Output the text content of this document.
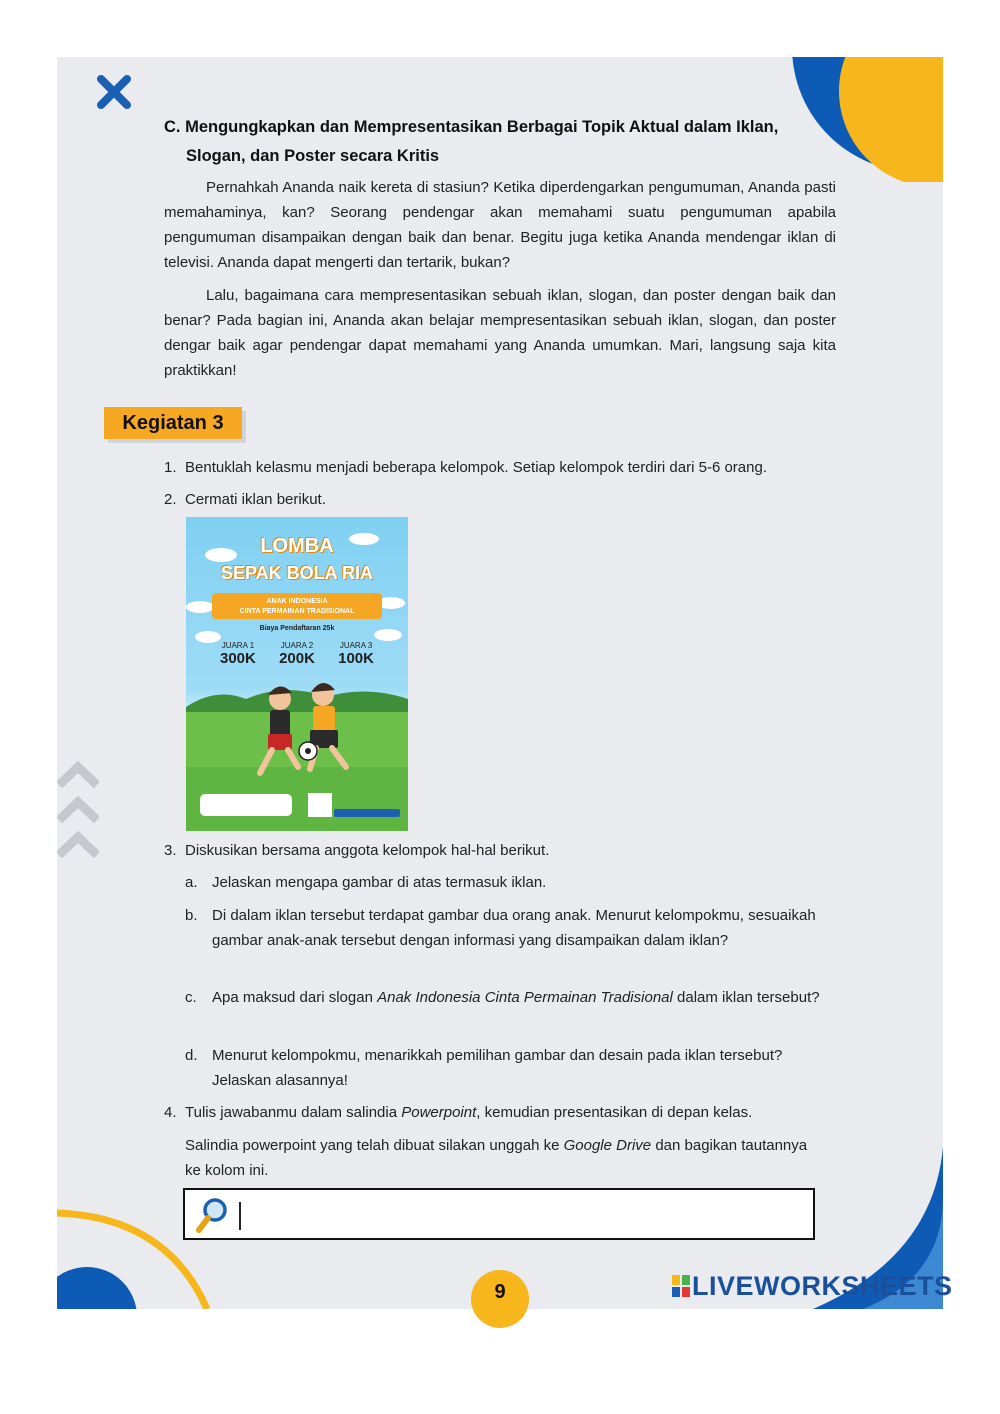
C. Mengungkapkan dan Mempresentasikan Berbagai Topik Aktual dalam Iklan,
Slogan, dan Poster secara Kritis

Pernahkah Ananda naik kereta di stasiun? Ketika diperdengarkan pengumuman, Ananda pasti memahaminya, kan? Seorang pendengar akan memahami suatu pengumuman apabila pengumuman disampaikan dengan baik dan benar. Begitu juga ketika Ananda mendengar iklan di televisi. Ananda dapat mengerti dan tertarik, bukan?

Lalu, bagaimana cara mempresentasikan sebuah iklan, slogan, dan poster dengan baik dan benar? Pada bagian ini, Ananda akan belajar mempresentasikan sebuah iklan, slogan, dan poster dengar baik agar pendengar dapat memahami yang Ananda umumkan. Mari, langsung saja kita praktikkan!

Kegiatan 3
1. Bentuklah kelasmu menjadi beberapa kelompok. Setiap kelompok terdiri dari 5-6 orang.
2. Cermati iklan berikut.
LOMBA
SEPAK BOLA RIA
ANAK INDONESIA
CINTA PERMAINAN TRADISIONAL
Biaya Pendaftaran 25k
JUARA 1
300K
JUARA 2
200K
JUARA 3
100K
3. Diskusikan bersama anggota kelompok hal-hal berikut.
a. Jelaskan mengapa gambar di atas termasuk iklan.
b. Di dalam iklan tersebut terdapat gambar dua orang anak. Menurut kelompokmu, sesuaikah gambar anak-anak tersebut dengan informasi yang disampaikan dalam iklan?
c.	Apa maksud dari slogan Anak Indonesia Cinta Permainan Tradisional dalam iklan tersebut?
d. Menurut kelompokmu, menarikkah pemilihan gambar dan desain pada iklan tersebut? Jelaskan alasannya!
4. Tulis jawabanmu dalam salindia Powerpoint, kemudian presentasikan di depan kelas.
Salindia powerpoint yang telah dibuat silakan unggah ke Google Drive dan bagikan tautannya ke kolom ini.
9	LIVEWORKSHEETS
